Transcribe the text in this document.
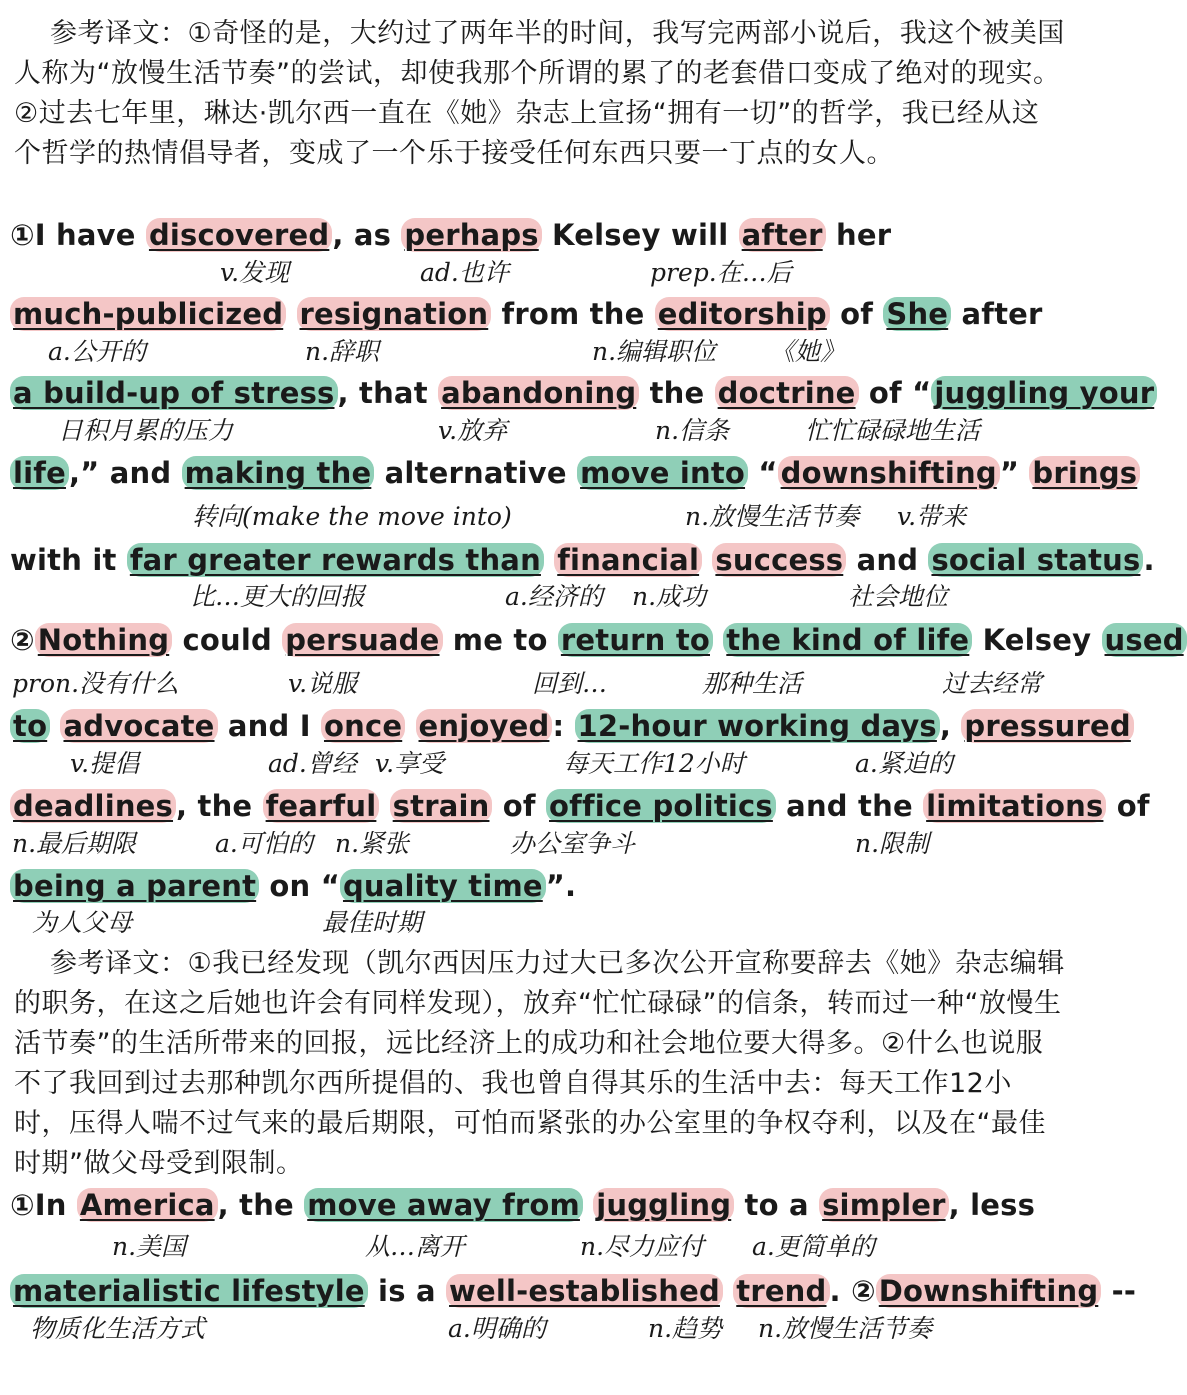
参考译文：①奇怪的是，大约过了两年半的时间，我写完两部小说后，我这个被美国人称为“放慢生活节奏”的尝试，却使我那个所谓的累了的老套借口变成了绝对的现实。②过去七年里，琳达·凯尔西一直在《她》杂志上宣扬“拥有一切”的哲学，我已经从这个哲学的热情倡导者，变成了一个乐于接受任何东西只要一丁点的女人。

①I have discovered , as perhaps Kelsey will after her
v.发现	ad.也许	prep.在…后
much-publicized resignation from the editorship of She after
a.公开的	n.辞职	n.编辑职位 《她》
a build-up of stress , that abandoning the doctrine of “ juggling your
日积月累的压力	v.放弃	n.信条	忙忙碌碌地生活
life ,” and making the alternative move into “ downshifting ” brings
转向(make the move into)	n.放慢生活节奏 v.带来
with it far greater rewards than financial success and social status .
比…更大的回报	a.经济的 n.成功	社会地位
② Nothing could persuade me to return to the kind of life Kelsey used
pron.没有什么	v.说服	回到…	那种生活	过去经常
to advocate and I once enjoyed : 12-hour working days , pressured
v.提倡	ad.曾经 v.享受	每天工作12小时	a.紧迫的
deadlines , the fearful strain of office politics and the limitations of
n.最后期限	a.可怕的 n.紧张	办公室争斗	n.限制
being a parent on “ quality time ”.
为人父母	最佳时期

参考译文：①我已经发现（凯尔西因压力过大已多次公开宣称要辞去《她》杂志编辑的职务，在这之后她也许会有同样发现），放弃“忙忙碌碌”的信条，转而过一种“放慢生活节奏”的生活所带来的回报，远比经济上的成功和社会地位要大得多。②什么也说服不了我回到过去那种凯尔西所提倡的、我也曾自得其乐的生活中去：每天工作12小时，压得人喘不过气来的最后期限，可怕而紧张的办公室里的争权夺利，以及在“最佳时期”做父母受到限制。

①In America , the move away from juggling to a simpler , less
n.美国	从…离开	n.尽力应付 a.更简单的
materialistic lifestyle is a well-established trend . ② Downshifting --
物质化生活方式	a.明确的	n.趋势 n.放慢生活节奏
